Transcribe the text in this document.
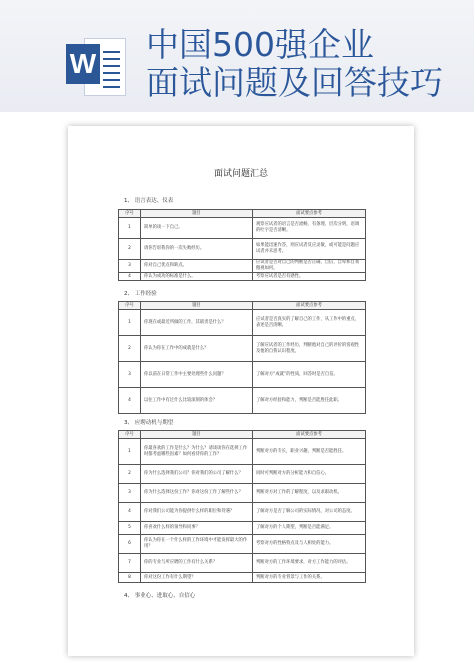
W 中国500强企业
面试问题及回答技巧
面试问题汇总
1、 语言表达、仪表
序号	题目	面试要点参考
1	简单的谈一下自己。	观察应试者的语言是否流畅，有条理，层次分明，语调的吐字是否清晰。
2	请你告诉我你的一次失败经历。	如果能迅速作答，则应试者反应灵敏，或可能是问题应试者并未思考。
3	你对自己优点和缺点。	应试者是否对自己的判断是否正确，自信，自卑和自我傲视如何。
4	你认为成功的标准是什么。	考察应试者是否有感性。
2、 工作经验
序号	题目	面试要点参考
1	你现在或最近所做的工作，其职责是什么？	应试者是否真实的了解自己的工作，从工作中的重点，表述是否清晰。
2	你认为你在工作中的成就是什么？	了解应试者的工作经历，判断他对自己的评价的客观性及他的自我认识程度。
3	你以前在日常工作中主要处理些什么问题？	了解对方“成就”的性质，回答时是否自信。
4	以往工作中有过什么比较深刻的体会？	了解对方经验和能力，判断是否能胜任此职。
3、 应聘动机与期望
序号	题目	面试要点参考
1	你最喜欢的工作是什么？为什么？请谈谈你在选择工作时都考虑哪些因素？如何看待你的工作？	判断对方的专长，职业兴趣，判断是否能胜任。
2	你为什么选择我们公司？你对我们的公司了解什么？	同时可判断对方的分析能力和自信心。
3	你为什么选择这份工作？你对这份工作了解些什么？	判断对方对工作的了解程度，以及求职动机。
4	你对我们公司能为你提供什么样的职位和待遇？	了解对方是否了解公司的实际情况，对公司的态度。
5	你喜欢什么样的领导和同事？	了解对方的个人期望，判断是否能满足。
6	你认为你在一个什么样的工作环境中才能发挥最大的作用？	考察对方的性格特点及与人相处的能力。
7	你的专业与所应聘的工作有什么关系？	判断对方的工作环境要求，对方工作能力的评估。
8	你对这份工作有什么期望？	判断对方的专业背景与工作的关系。
4、 事业心、进取心、自信心
